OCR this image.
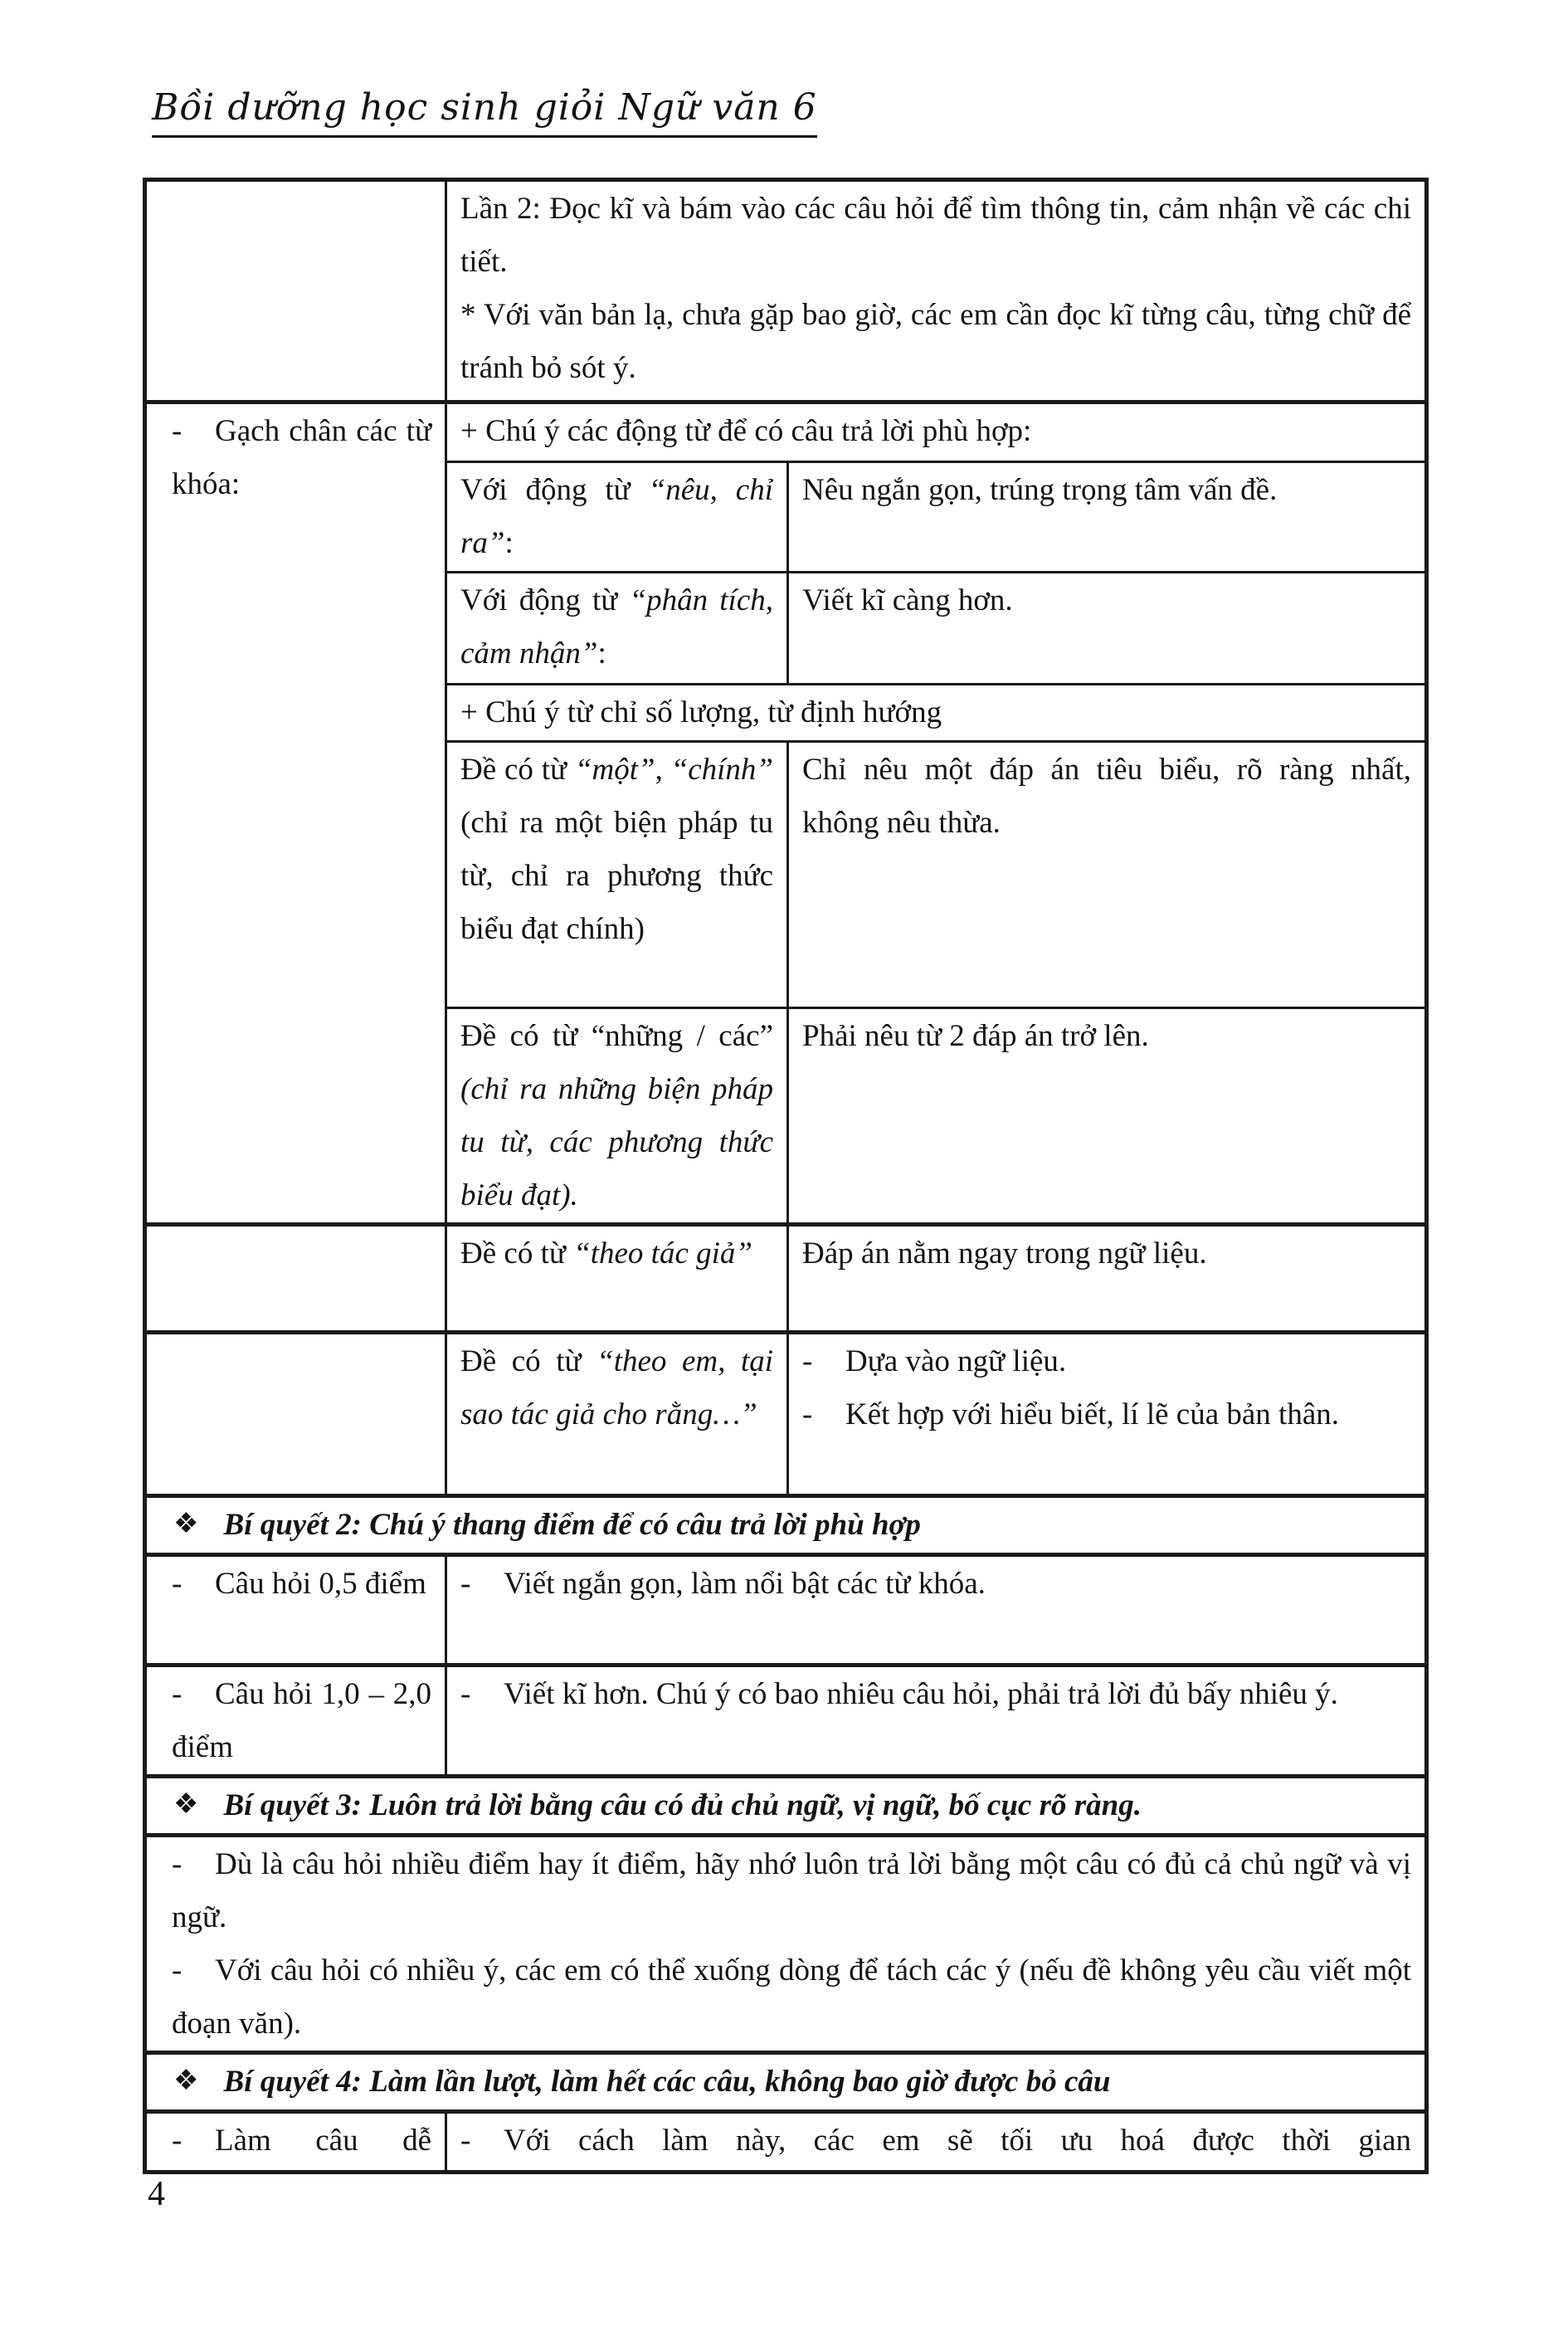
Bồi dưỡng học sinh giỏi Ngữ văn 6

	Lần 2: Đọc kĩ và bám vào các câu hỏi để tìm thông tin, cảm nhận về các chi tiết.

* Với văn bản lạ, chưa gặp bao giờ, các em cần đọc kĩ từng câu, từng chữ để tránh bỏ sót ý.	

- Gạch chân các từ khóa:	+ Chú ý các động từ để có câu trả lời phù hợp:	

	Với động từ “nêu, chỉ ra”:	Nêu ngắn gọn, trúng trọng tâm vấn đề.

	Với động từ “phân tích, cảm nhận”:	Viết kĩ càng hơn.
	+ Chú ý từ chỉ số lượng, từ định hướng	

	Đề có từ “một”, “chính” (chỉ ra một biện pháp tu từ, chỉ ra phương thức biểu đạt chính)	Chỉ nêu một đáp án tiêu biểu, rõ ràng nhất, không nêu thừa.

	Đề có từ “những / các” (chỉ ra những biện pháp tu từ, các phương thức biểu đạt).	Phải nêu từ 2 đáp án trở lên.

	Đề có từ “theo tác giả”	Đáp án nằm ngay trong ngữ liệu.

	Đề có từ “theo em, tại sao tác giả cho rằng…”	- Dựa vào ngữ liệu.

- Kết hợp với hiểu biết, lí lẽ của bản thân.

❖ Bí quyết 2: Chú ý thang điểm để có câu trả lời phù hợp		

- Câu hỏi 0,5 điểm	- Viết ngắn gọn, làm nổi bật các từ khóa.	

- Câu hỏi 1,0 – 2,0 điểm	- Viết kĩ hơn. Chú ý có bao nhiêu câu hỏi, phải trả lời đủ bấy nhiêu ý.	

❖ Bí quyết 3: Luôn trả lời bằng câu có đủ chủ ngữ, vị ngữ, bố cục rõ ràng.		

- Dù là câu hỏi nhiều điểm hay ít điểm, hãy nhớ luôn trả lời bằng một câu có đủ cả chủ ngữ và vị ngữ.

- Với câu hỏi có nhiều ý, các em có thể xuống dòng để tách các ý (nếu đề không yêu cầu viết một đoạn văn).		

❖ Bí quyết 4: Làm lần lượt, làm hết các câu, không bao giờ được bỏ câu		

- Làm câu dễ	- Với cách làm này, các em sẽ tối ưu hoá được thời gian	

4
